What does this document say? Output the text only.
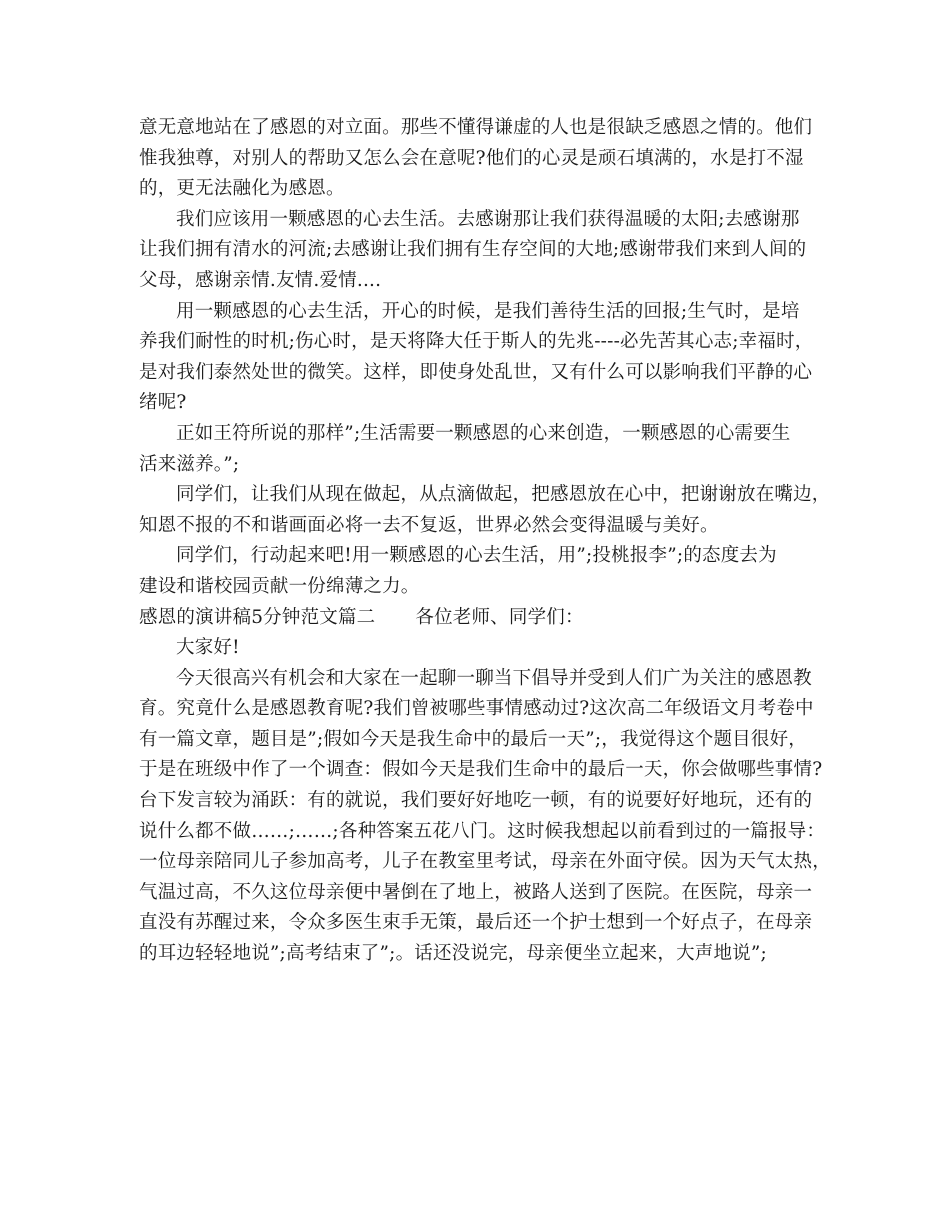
意无意地站在了感恩的对立面。那些不懂得谦虚的人也是很缺乏感恩之情的。他们
惟我独尊，对别人的帮助又怎么会在意呢?他们的心灵是顽石填满的，水是打不湿
的，更无法融化为感恩。
我们应该用一颗感恩的心去生活。去感谢那让我们获得温暖的太阳;去感谢那
让我们拥有清水的河流;去感谢让我们拥有生存空间的大地;感谢带我们来到人间的
父母，感谢亲情.友情.爱情....
用一颗感恩的心去生活，开心的时候，是我们善待生活的回报;生气时，是培
养我们耐性的时机;伤心时，是天将降大任于斯人的先兆----必先苦其心志;幸福时，
是对我们泰然处世的微笑。这样，即使身处乱世，又有什么可以影响我们平静的心
绪呢?
正如王符所说的那样”;生活需要一颗感恩的心来创造，一颗感恩的心需要生
活来滋养。”;
同学们，让我们从现在做起，从点滴做起，把感恩放在心中，把谢谢放在嘴边，
知恩不报的不和谐画面必将一去不复返，世界必然会变得温暖与美好。
同学们，行动起来吧!用一颗感恩的心去生活，用”;投桃报李”;的态度去为
建设和谐校园贡献一份绵薄之力。
感恩的演讲稿5分钟范文篇二 各位老师、同学们：
大家好!
今天很高兴有机会和大家在一起聊一聊当下倡导并受到人们广为关注的感恩教
育。究竟什么是感恩教育呢?我们曾被哪些事情感动过?这次高二年级语文月考卷中
有一篇文章，题目是”;假如今天是我生命中的最后一天”;，我觉得这个题目很好，
于是在班级中作了一个调查：假如今天是我们生命中的最后一天，你会做哪些事情?
台下发言较为涌跃：有的就说，我们要好好地吃一顿，有的说要好好地玩，还有的
说什么都不做……;……;各种答案五花八门。这时候我想起以前看到过的一篇报导：
一位母亲陪同儿子参加高考，儿子在教室里考试，母亲在外面守侯。因为天气太热，
气温过高，不久这位母亲便中暑倒在了地上，被路人送到了医院。在医院，母亲一
直没有苏醒过来，令众多医生束手无策，最后还一个护士想到一个好点子，在母亲
的耳边轻轻地说”;高考结束了”;。话还没说完，母亲便坐立起来，大声地说”;
